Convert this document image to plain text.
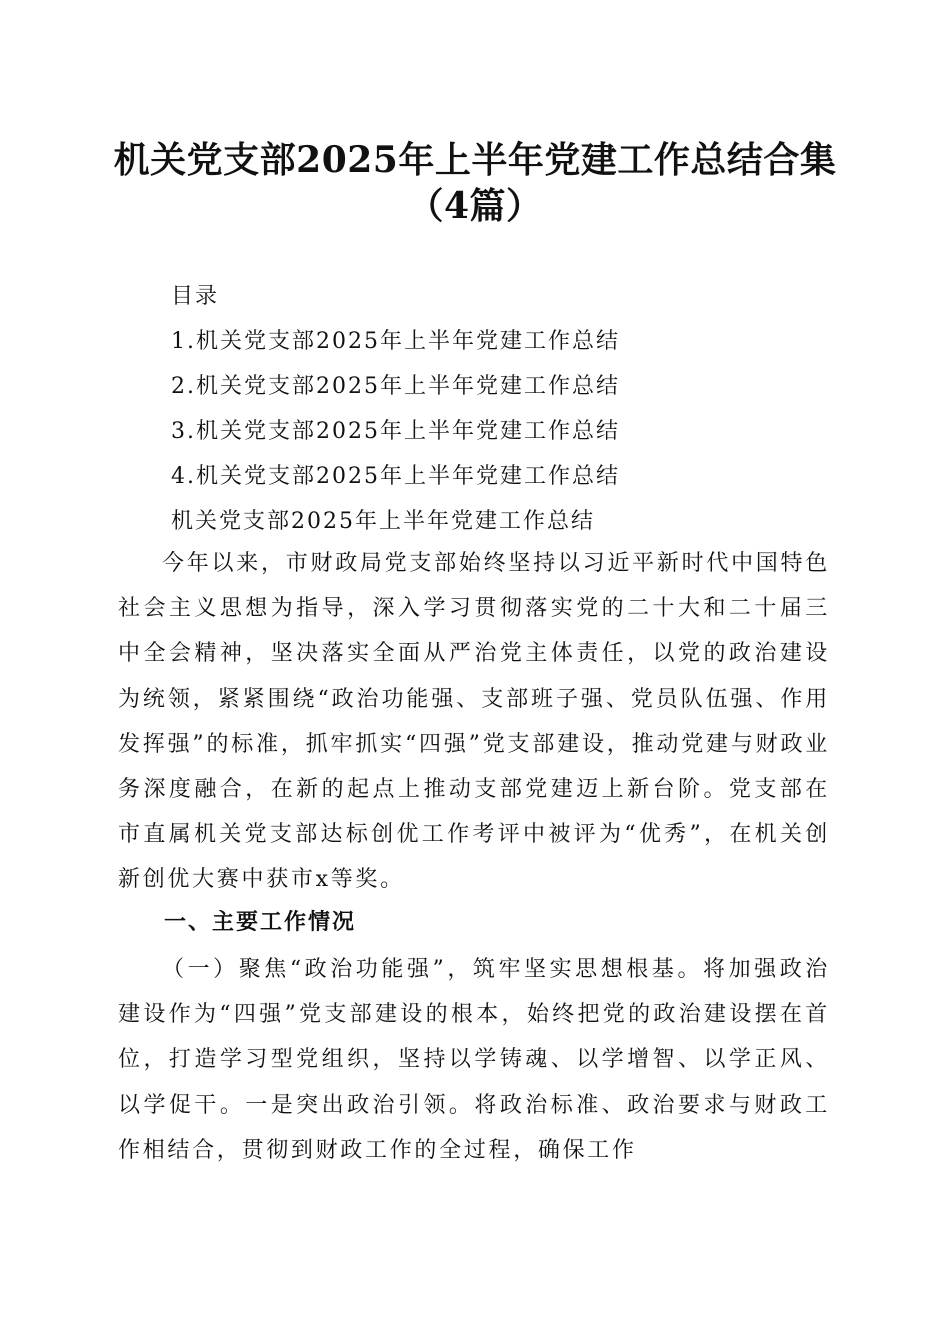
机关党支部2025年上半年党建工作总结合集
（4篇）
目录
1.机关党支部2025年上半年党建工作总结
2.机关党支部2025年上半年党建工作总结
3.机关党支部2025年上半年党建工作总结
4.机关党支部2025年上半年党建工作总结
机关党支部2025年上半年党建工作总结
今年以来，市财政局党支部始终坚持以习近平新时代中国特色社会主义思想为指导，深入学习贯彻落实党的二十大和二十届三中全会精神，坚决落实全面从严治党主体责任，以党的政治建设为统领，紧紧围绕“政治功能强、支部班子强、党员队伍强、作用发挥强”的标准，抓牢抓实“四强”党支部建设，推动党建与财政业务深度融合，在新的起点上推动支部党建迈上新台阶。党支部在市直属机关党支部达标创优工作考评中被评为“优秀”，在机关创新创优大赛中获市x等奖。
一、主要工作情况
（一）聚焦“政治功能强”，筑牢坚实思想根基。将加强政治建设作为“四强”党支部建设的根本，始终把党的政治建设摆在首位，打造学习型党组织，坚持以学铸魂、以学增智、以学正风、以学促干。一是突出政治引领。将政治标准、政治要求与财政工作相结合，贯彻到财政工作的全过程，确保工作
